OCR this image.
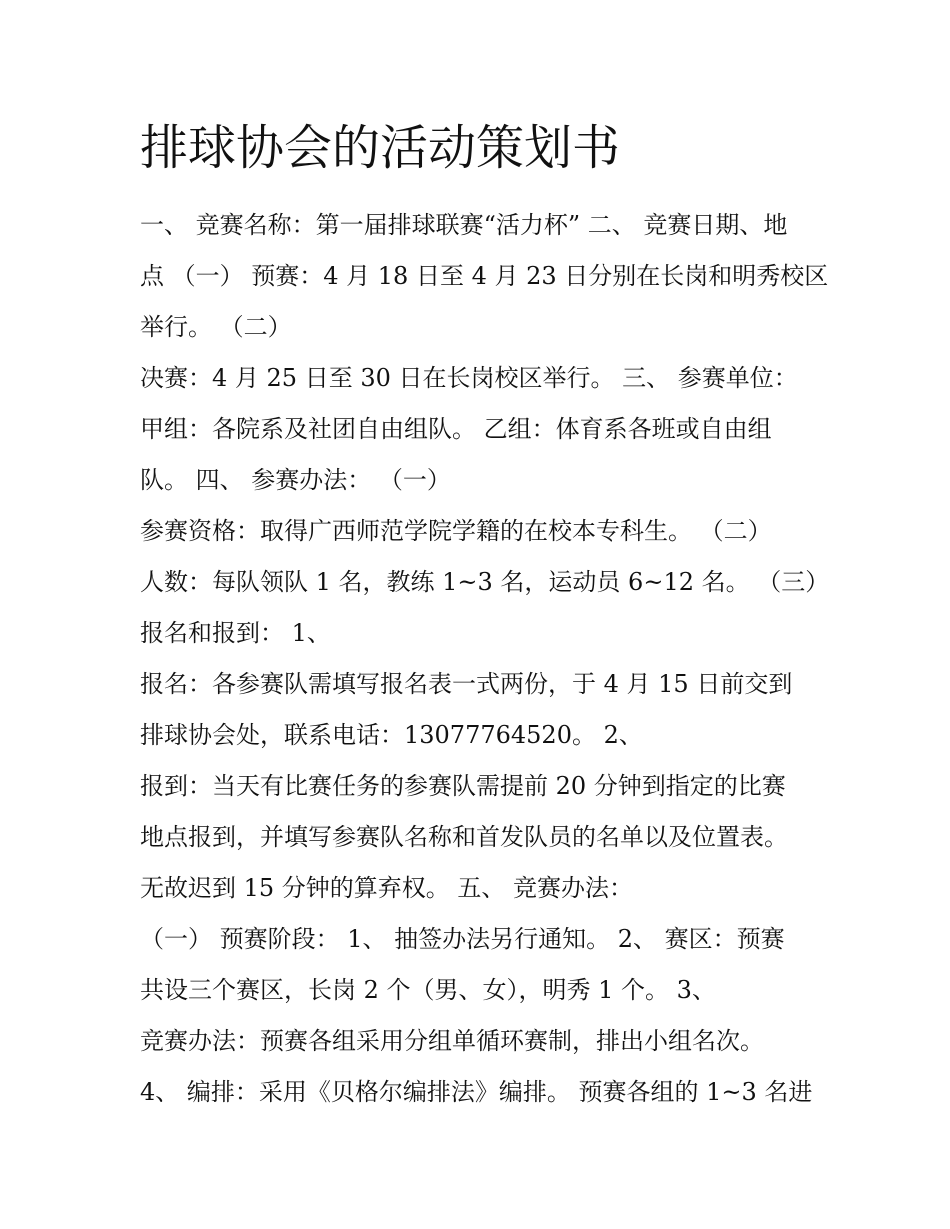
排球协会的活动策划书
一、 竞赛名称：第一届排球联赛“活力杯” 二、 竞赛日期、地
点 （一） 预赛：4 月 18 日至 4 月 23 日分别在长岗和明秀校区
举行。 （二）
决赛：4 月 25 日至 30 日在长岗校区举行。 三、 参赛单位：
甲组：各院系及社团自由组队。 乙组：体育系各班或自由组
队。 四、 参赛办法： （一）
参赛资格：取得广西师范学院学籍的在校本专科生。 （二）
人数：每队领队 1 名，教练 1~3 名，运动员 6~12 名。 （三）
报名和报到： 1、
报名：各参赛队需填写报名表一式两份，于 4 月 15 日前交到
排球协会处，联系电话：13077764520。 2、
报到：当天有比赛任务的参赛队需提前 20 分钟到指定的比赛
地点报到，并填写参赛队名称和首发队员的名单以及位置表。
无故迟到 15 分钟的算弃权。 五、 竞赛办法：
（一） 预赛阶段： 1、 抽签办法另行通知。 2、 赛区：预赛
共设三个赛区，长岗 2 个（男、女），明秀 1 个。 3、
竞赛办法：预赛各组采用分组单循环赛制，排出小组名次。
4、 编排：采用《贝格尔编排法》编排。 预赛各组的 1~3 名进
